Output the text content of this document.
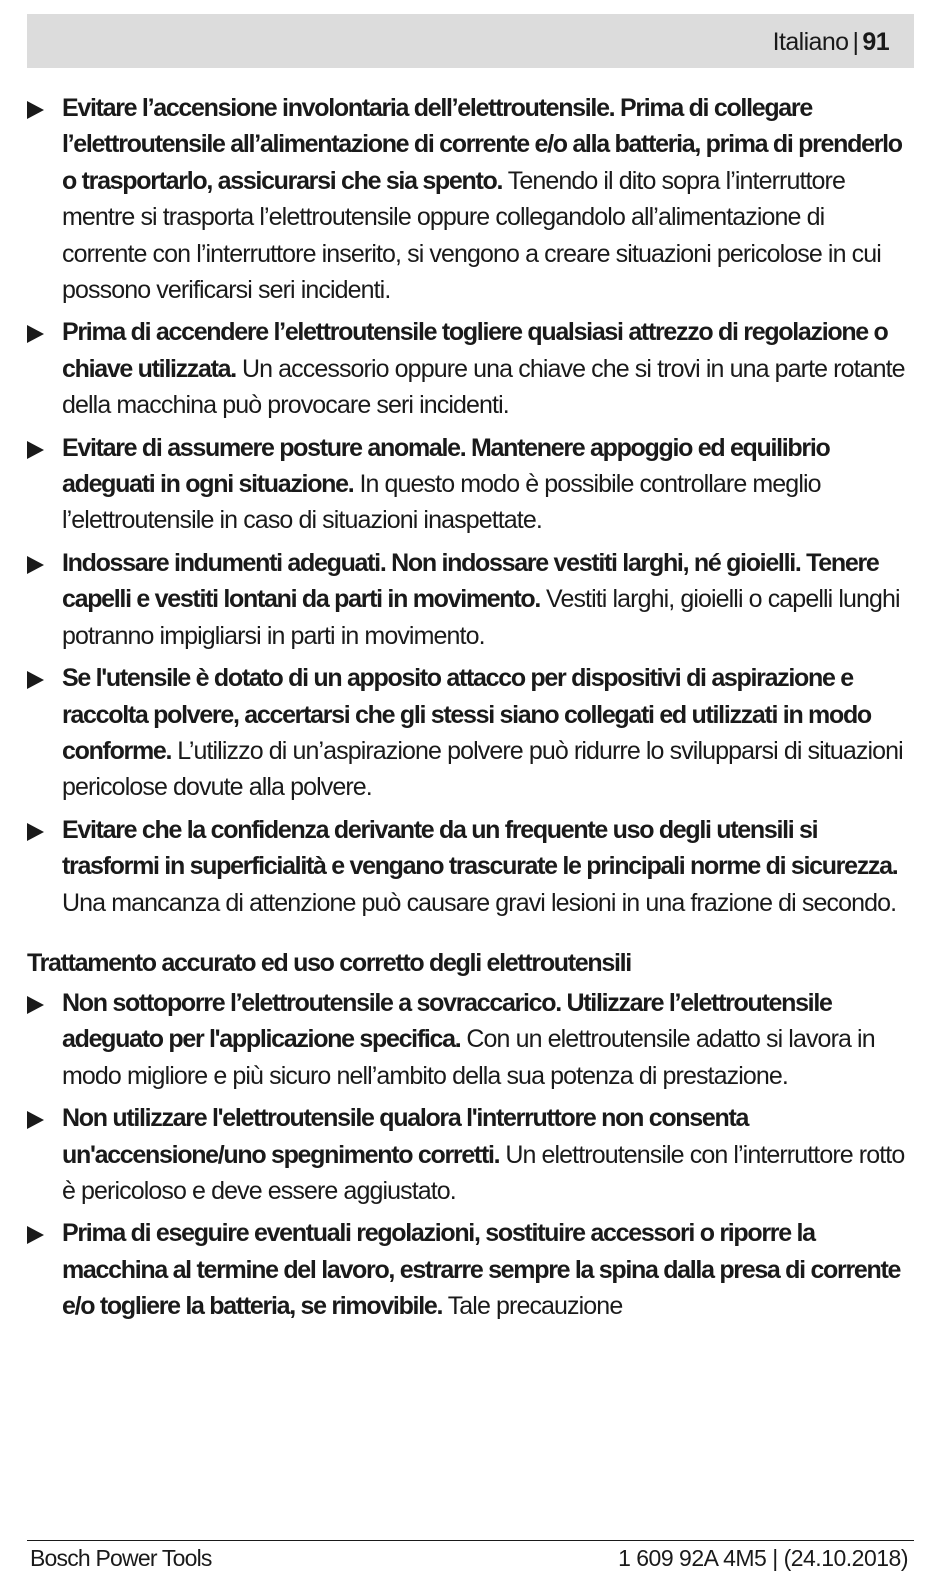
Italiano | 91
Evitare l’accensione involontaria dell’elettroutensile. Prima di collegare l’elettroutensile all’alimentazione di corrente e/o alla batteria, prima di prenderlo o trasportarlo, assicurarsi che sia spento. Tenendo il dito sopra l’interruttore mentre si trasporta l’elettroutensile oppure collegandolo all’alimentazione di corrente con l’interruttore inserito, si vengono a creare situazioni pericolose in cui possono verificarsi seri incidenti.
Prima di accendere l’elettroutensile togliere qualsiasi attrezzo di regolazione o chiave utilizzata. Un accessorio oppure una chiave che si trovi in una parte rotante della macchina può provocare seri incidenti.
Evitare di assumere posture anomale. Mantenere appoggio ed equilibrio adeguati in ogni situazione. In questo modo è possibile controllare meglio l’elettroutensile in caso di situazioni inaspettate.
Indossare indumenti adeguati. Non indossare vestiti larghi, né gioielli. Tenere capelli e vestiti lontani da parti in movimento. Vestiti larghi, gioielli o capelli lunghi potranno impigliarsi in parti in movimento.
Se l'utensile è dotato di un apposito attacco per dispositivi di aspirazione e raccolta polvere, accertarsi che gli stessi siano collegati ed utilizzati in modo conforme. L’utilizzo di un’aspirazione polvere può ridurre lo svilupparsi di situazioni pericolose dovute alla polvere.
Evitare che la confidenza derivante da un frequente uso degli utensili si trasformi in superficialità e vengano trascurate le principali norme di sicurezza. Una mancanza di attenzione può causare gravi lesioni in una frazione di secondo.
Trattamento accurato ed uso corretto degli elettroutensili
Non sottoporre l’elettroutensile a sovraccarico. Utilizzare l’elettroutensile adeguato per l'applicazione specifica. Con un elettroutensile adatto si lavora in modo migliore e più sicuro nell’ambito della sua potenza di prestazione.
Non utilizzare l'elettroutensile qualora l'interruttore non consenta un'accensione/uno spegnimento corretti. Un elettroutensile con l’interruttore rotto è pericoloso e deve essere aggiustato.
Prima di eseguire eventuali regolazioni, sostituire accessori o riporre la macchina al termine del lavoro, estrarre sempre la spina dalla presa di corrente e/o togliere la batteria, se rimovibile. Tale precauzione
Bosch Power Tools	1 609 92A 4M5 | (24.10.2018)
